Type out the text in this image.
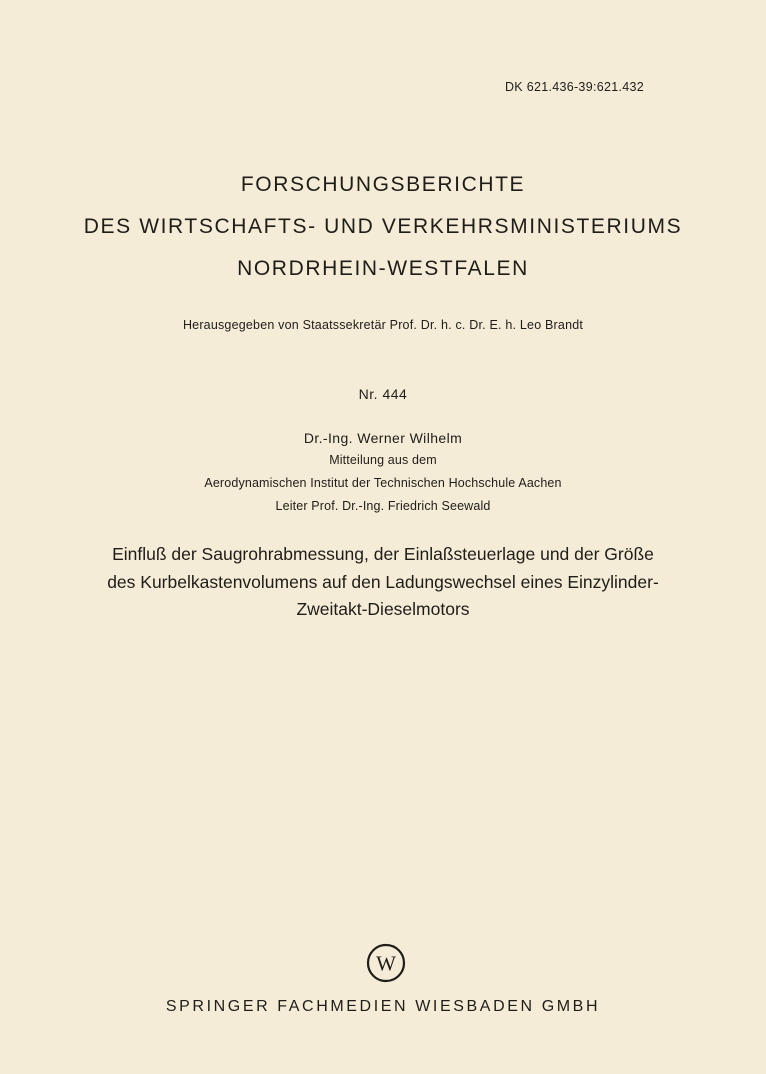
DK 621.436-39:621.432
FORSCHUNGSBERICHTE
DES WIRTSCHAFTS- UND VERKEHRSMINISTERIUMS
NORDRHEIN-WESTFALEN
Herausgegeben von Staatssekretär Prof. Dr. h. c. Dr. E. h. Leo Brandt
Nr. 444
Dr.-Ing. Werner Wilhelm
Mitteilung aus dem
Aerodynamischen Institut der Technischen Hochschule Aachen
Leiter Prof. Dr.-Ing. Friedrich Seewald
Einfluß der Saugrohrabmessung, der Einlaßsteuerlage und der Größe
des Kurbelkastenvolumens auf den Ladungswechsel eines Einzylinder-
Zweitakt-Dieselmotors
W
SPRINGER FACHMEDIEN WIESBADEN GMBH
